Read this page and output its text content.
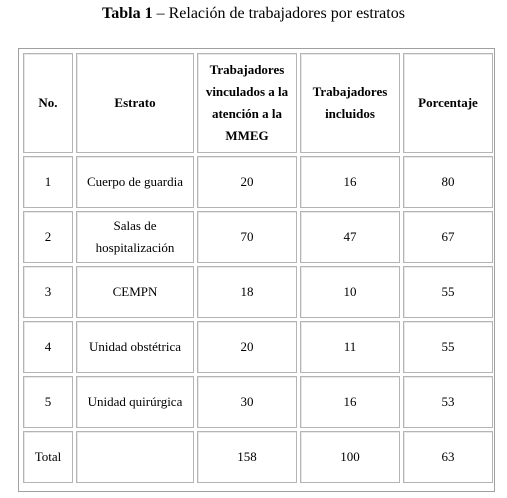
Tabla 1 – Relación de trabajadores por estratos
No.	Estrato	Trabajadores vinculados a la atención a la MMEG	Trabajadores incluidos	Porcentaje
1	Cuerpo de guardia	20	16	80
2	Salas de hospitalización	70	47	67
3	CEMPN	18	10	55
4	Unidad obstétrica	20	11	55
5	Unidad quirúrgica	30	16	53
Total		158	100	63
